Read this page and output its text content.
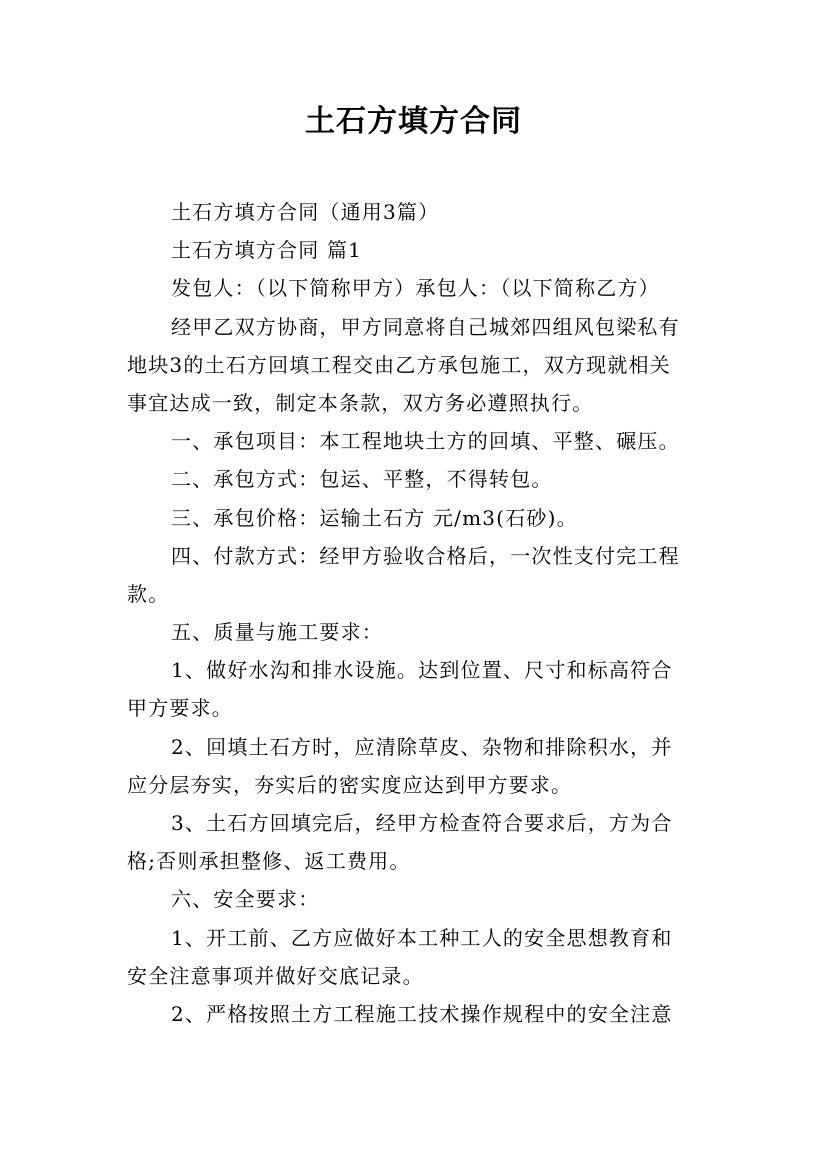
土石方填方合同
土石方填方合同（通用3篇）
土石方填方合同 篇1
发包人：（以下简称甲方）承包人：（以下简称乙方）
经甲乙双方协商，甲方同意将自己城郊四组风包梁私有
地块3的土石方回填工程交由乙方承包施工，双方现就相关
事宜达成一致，制定本条款，双方务必遵照执行。
一、承包项目：本工程地块土方的回填、平整、碾压。
二、承包方式：包运、平整，不得转包。
三、承包价格：运输土石方 元/m3(石砂)。
四、付款方式：经甲方验收合格后，一次性支付完工程
款。
五、质量与施工要求：
1、做好水沟和排水设施。达到位置、尺寸和标高符合
甲方要求。
2、回填土石方时，应清除草皮、杂物和排除积水，并
应分层夯实，夯实后的密实度应达到甲方要求。
3、土石方回填完后，经甲方检查符合要求后，方为合
格;否则承担整修、返工费用。
六、安全要求：
1、开工前、乙方应做好本工种工人的安全思想教育和
安全注意事项并做好交底记录。
2、严格按照土方工程施工技术操作规程中的安全注意
